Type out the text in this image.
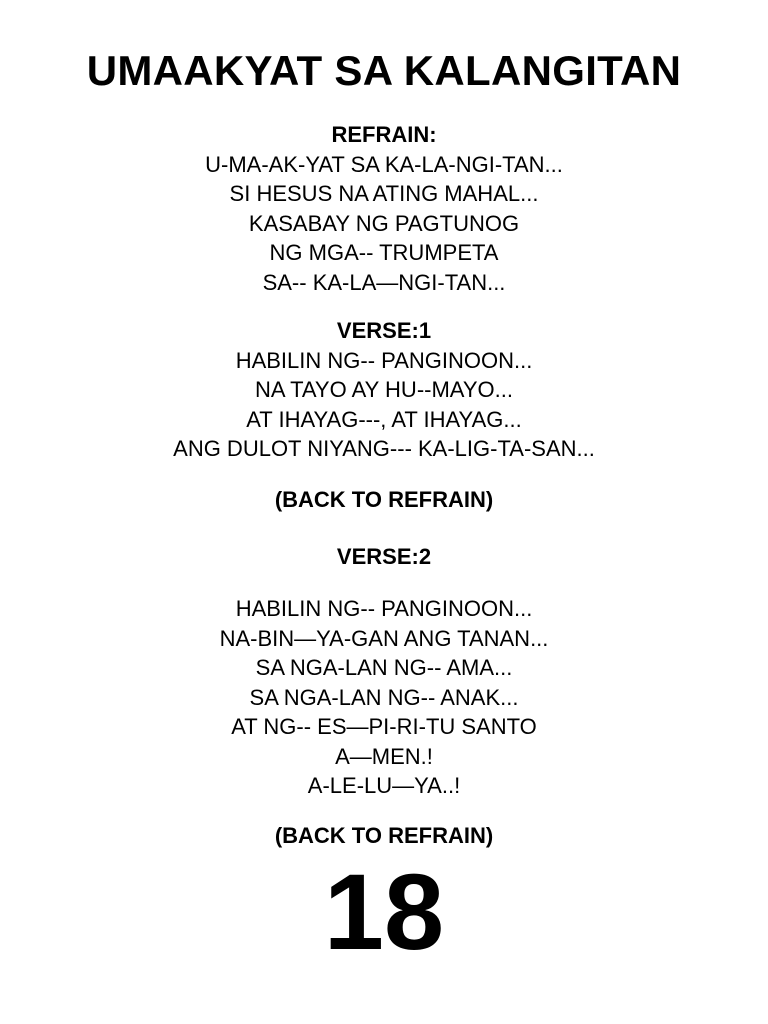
UMAAKYAT SA KALANGITAN
REFRAIN:
U-MA-AK-YAT SA KA-LA-NGI-TAN...
SI HESUS NA ATING MAHAL...
KASABAY NG PAGTUNOG
NG MGA-- TRUMPETA
SA-- KA-LA—NGI-TAN...
VERSE:1
HABILIN NG-- PANGINOON...
NA TAYO AY HU--MAYO...
AT IHAYAG---, AT IHAYAG...
ANG DULOT NIYANG--- KA-LIG-TA-SAN...
(BACK TO REFRAIN)
VERSE:2
HABILIN NG-- PANGINOON...
NA-BIN—YA-GAN ANG TANAN...
SA NGA-LAN NG-- AMA...
SA NGA-LAN NG-- ANAK...
AT NG-- ES—PI-RI-TU SANTO
A—MEN.!
A-LE-LU—YA..!
(BACK TO REFRAIN)
18
